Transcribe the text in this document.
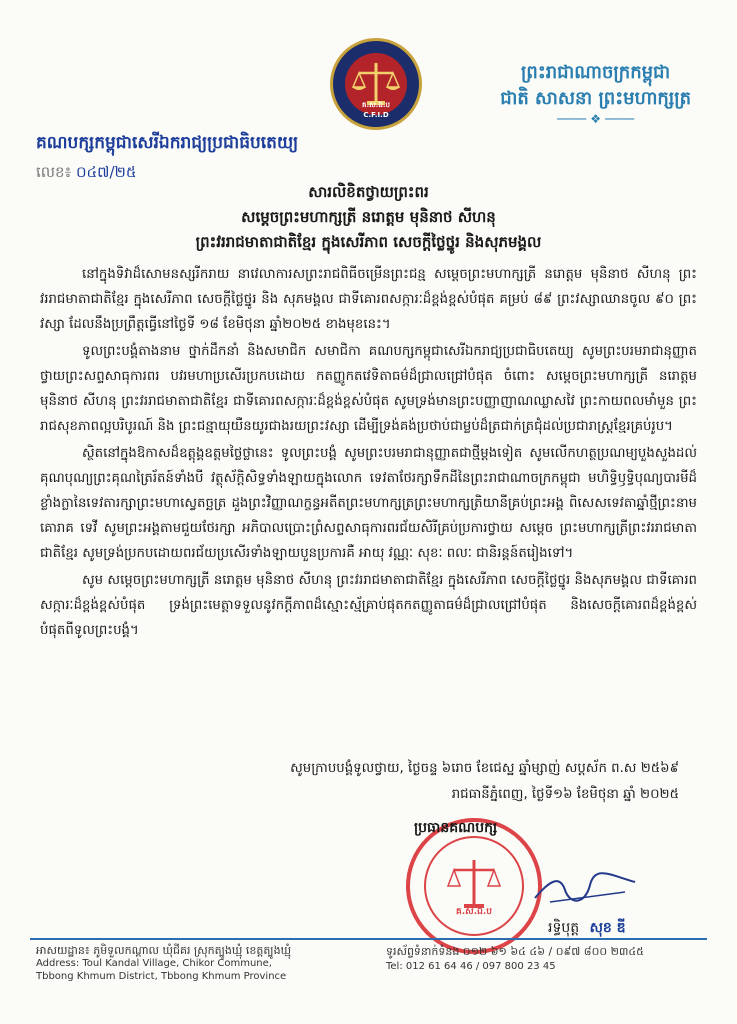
គ.ស.ឯ.ប
C.F.I.D
ព្រះរាជាណាចក្រកម្ពុជា
ជាតិ សាសនា ព្រះមហាក្សត្រ
──── ❖ ────
គណបក្សកម្ពុជាសេរីឯករាជ្យប្រជាធិបតេយ្យ
លេខ៖ ០៤៧/២៥
សារលិខិតថ្វាយព្រះពរ
សម្តេចព្រះមហាក្សត្រី នរោត្តម មុនិនាថ សីហនុ
ព្រះវររាជមាតាជាតិខ្មែរ ក្នុងសេរីភាព សេចក្តីថ្លៃថ្នូរ និងសុភមង្គល

នៅក្នុងទិវាដ៏សោមនស្សរីករាយ នាវេលាការសព្រះរាជពិធីចម្រើនព្រះជន្ម សម្តេចព្រះមហាក្សត្រី នរោត្តម មុនិនាថ សីហនុ ព្រះវររាជមាតាជាតិខ្មែរ ក្នុងសេរីភាព សេចក្តីថ្លៃថ្នូរ និង សុភមង្គល ជាទីគោរពសក្ការៈដ៏ខ្ពង់ខ្ពស់បំផុត គម្រប់ ៨៩ ព្រះវស្សាឈានចូល ៩០ ព្រះវស្សា ដែលនឹងប្រព្រឹត្តធ្វើនៅថ្ងៃទី ១៨ ខែមិថុនា ឆ្នាំ២០២៥ ខាងមុខនេះ។

ទូលព្រះបង្គំតាងនាម ថ្នាក់ដឹកនាំ និងសមាជិក សមាជិកា គណបក្សកម្ពុជាសេរីឯករាជ្យប្រជាធិបតេយ្យ សូមព្រះបរមរាជានុញ្ញាតថ្វាយព្រះសព្ទសាធុការពរ បវរមហាប្រសើរប្រកបដោយ កតញ្ញូកតវេទិតាធម៌ដ៏ជ្រាលជ្រៅបំផុត ចំពោះ សម្តេចព្រះមហាក្សត្រី នរោត្តម មុនិនាថ សីហនុ ព្រះវររាជមាតាជាតិខ្មែរ ជាទីគោរពសក្ការៈដ៏ខ្ពង់ខ្ពស់បំផុត សូមទ្រង់មានព្រះបញ្ញាញាណឈ្លាសវៃ ព្រះកាយពលមាំមួន ព្រះរាជសុខភាពល្អបរិបូរណ៍ និង ព្រះជន្មាយុយឺនយូរជាងរយព្រះវស្សា ដើម្បីទ្រង់គង់ប្រថាប់ជាម្លប់ដ៏ត្រជាក់ត្រជុំដល់ប្រជារាស្ត្រខ្មែរគ្រប់រូប។

ស្ថិតនៅក្នុងឱកាសដ៏ឧត្តុង្គឧត្តមថ្លៃថ្លានេះ ទូលព្រះបង្គំ សូមព្រះបរមរាជានុញ្ញាតជាថ្មីម្តងទៀត សូមលើកហត្ថប្រណម្យបួងសួងដល់គុណបុណ្យព្រះគុណត្រៃរ័តន៍ទាំងបី វត្ថុស័ក្តិសិទ្ធទាំងឡាយក្នុងលោក ទេវតាថែរក្សាទឹកដីនៃព្រះរាជាណាចក្រកម្ពុជា មហិទ្ធិឫទ្ធិបុណ្យបារមីដ៏ខ្លាំងក្លានៃទេវតារក្សាព្រះមហាស្វេតច្ឆត្រ ដួងព្រះវិញ្ញាណក្ខន្ធអតីតព្រះមហាក្សត្រព្រះមហាក្សត្រិយានីគ្រប់ព្រះអង្គ ពិសេសទេវតាឆ្នាំថ្មីព្រះនាម គោរាគ ទេវី សូមព្រះអង្គតាមជួយថែរក្សា អភិបាលប្រោះព្រំសព្ទសាធុការពរជ័យសិរីគ្រប់ប្រការថ្វាយ សម្តេច ព្រះមហាក្សត្រីព្រះវររាជមាតាជាតិខ្មែរ សូមទ្រង់ប្រកបដោយពរជ័យប្រសើរទាំងឡាយបួនប្រការគឺ អាយុ វណ្ណៈ សុខៈ ពលៈ ជានិរន្តន៍តរៀងទៅ។

សូម សម្តេចព្រះមហាក្សត្រី នរោត្តម មុនិនាថ សីហនុ ព្រះវររាជមាតាជាតិខ្មែរ ក្នុងសេរីភាព សេចក្តីថ្លៃថ្នូរ និងសុភមង្គល ជាទីគោរពសក្ការៈដ៏ខ្ពង់ខ្ពស់បំផុត ទ្រង់ព្រះមេត្តាទទួលនូវកក្តីភាពដ៏ស្មោះស្ម័គ្រាប់ផុតកតញ្ញូតាធម៌ដ៏ជ្រាលជ្រៅបំផុត និងសេចក្តីគោរពដ៏ខ្ពង់ខ្ពស់បំផុតពីទូលព្រះបង្គំ។

សូមក្រាបបង្គំទូលថ្វាយ, ថ្ងៃចន្ទ ៦រោច ខែជេស្ឋ ឆ្នាំម្សាញ់ សប្តស័ក ព.ស ២៥៦៩
រាជធានីភ្នំពេញ, ថ្ងៃទី១៦ ខែមិថុនា ឆ្នាំ ២០២៥
គ.ស.ឯ.ប
ប្រធានគណបក្ស
រទ្ធិបុត្ត សុខ ឌី
អាសយដ្ឋាន៖ ភូមិទួលកណ្តាល ឃុំជីគរ ស្រុកត្បូងឃ្មុំ ខេត្តត្បូងឃ្មុំ
Address: Toul Kandal Village, Chikor Commune,
Tbbong Khmum District, Tbbong Khmum Province
ទូរស័ព្ទទំនាក់ទំនង ០១២ ៦១ ៦៤ ៤៦ / ០៩៧ ៨០០ ២៣៤៥
Tel: 012 61 64 46 / 097 800 23 45
